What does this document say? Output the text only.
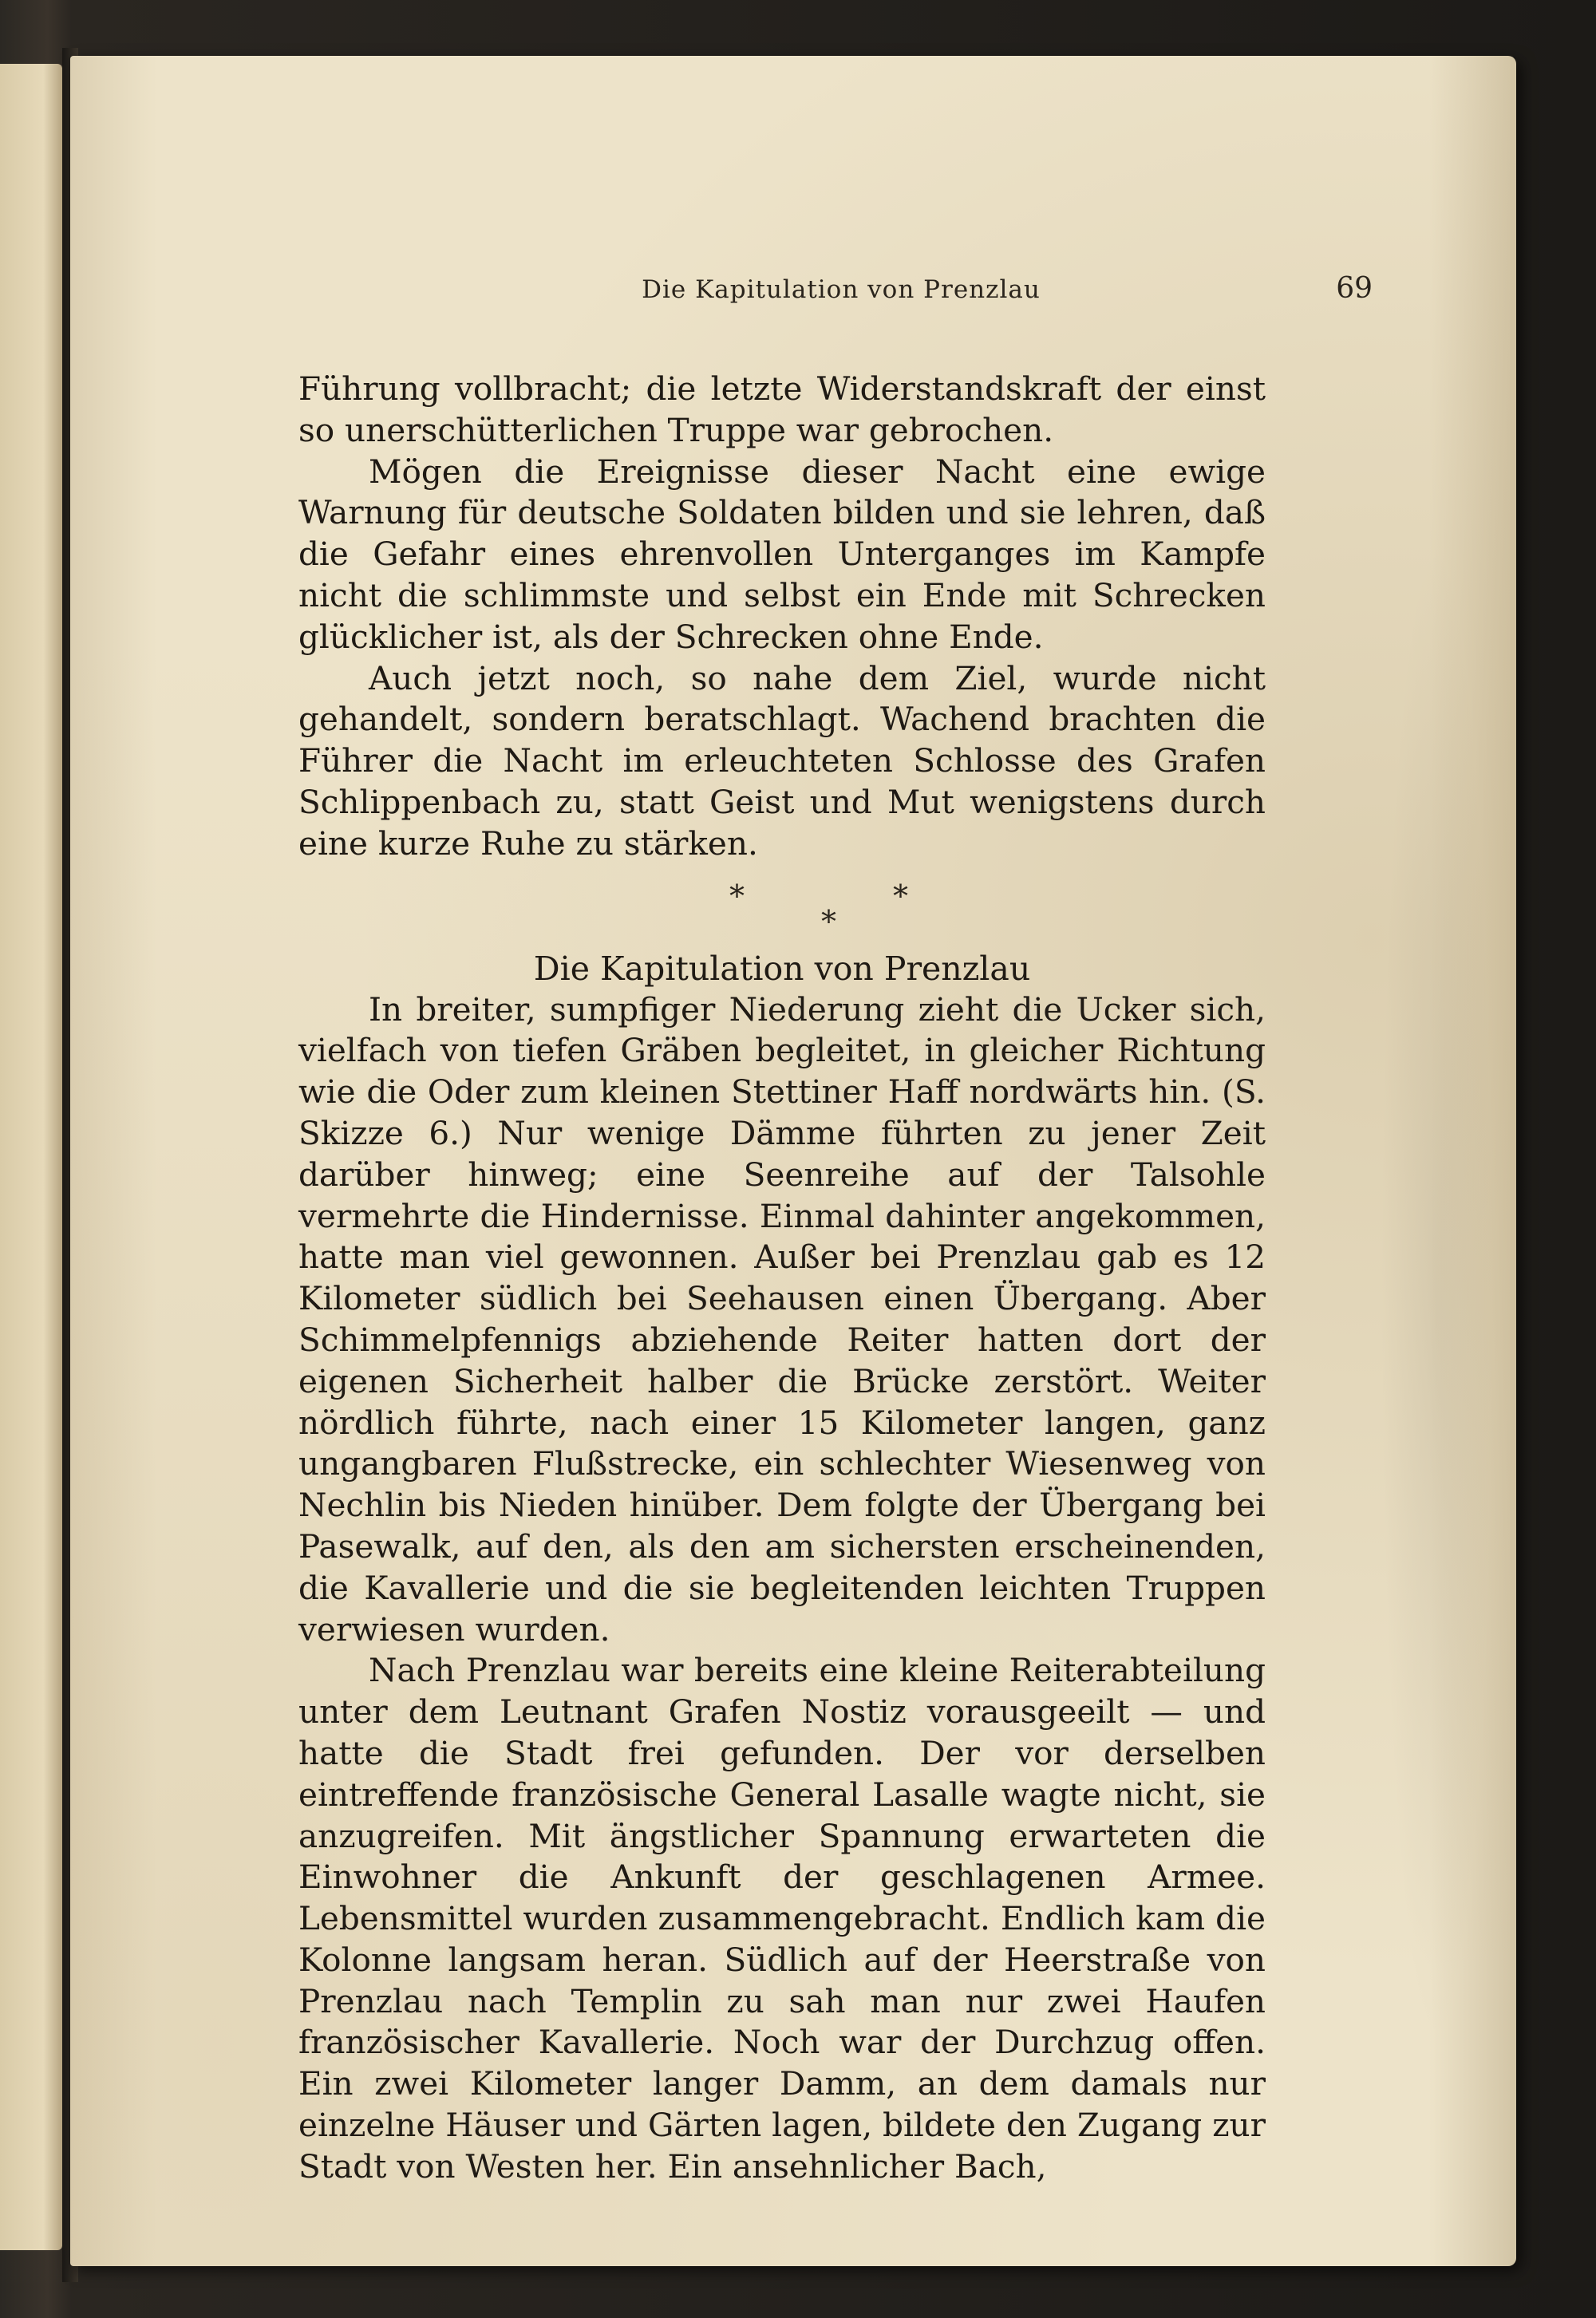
Die Kapitulation von Prenzlau	69

Führung vollbracht; die letzte Widerstandskraft der einst so unerschütterlichen Truppe war gebrochen.

Mögen die Ereignisse dieser Nacht eine ewige Warnung für deutsche Soldaten bilden und sie lehren, daß die Gefahr eines ehrenvollen Unterganges im Kampfe nicht die schlimmste und selbst ein Ende mit Schrecken glücklicher ist, als der Schrecken ohne Ende.

Auch jetzt noch, so nahe dem Ziel, wurde nicht gehandelt, sondern beratschlagt. Wachend brachten die Führer die Nacht im erleuchteten Schlosse des Grafen Schlippenbach zu, statt Geist und Mut wenigstens durch eine kurze Ruhe zu stärken.

*
*
*

Die Kapitulation von Prenzlau

In breiter, sumpfiger Niederung zieht die Ucker sich, vielfach von tiefen Gräben begleitet, in gleicher Richtung wie die Oder zum kleinen Stettiner Haff nordwärts hin. (S. Skizze 6.) Nur wenige Dämme führten zu jener Zeit darüber hinweg; eine Seenreihe auf der Talsohle vermehrte die Hindernisse. Einmal dahinter angekommen, hatte man viel gewonnen. Außer bei Prenzlau gab es 12 Kilometer südlich bei Seehausen einen Übergang. Aber Schimmelpfennigs abziehende Reiter hatten dort der eigenen Sicherheit halber die Brücke zerstört. Weiter nördlich führte, nach einer 15 Kilometer langen, ganz ungangbaren Flußstrecke, ein schlechter Wiesenweg von Nechlin bis Nieden hinüber. Dem folgte der Übergang bei Pasewalk, auf den, als den am sichersten erscheinenden, die Kavallerie und die sie begleitenden leichten Truppen verwiesen wurden.

Nach Prenzlau war bereits eine kleine Reiterabteilung unter dem Leutnant Grafen Nostiz vorausgeeilt — und hatte die Stadt frei gefunden. Der vor derselben eintreffende französische General Lasalle wagte nicht, sie anzugreifen. Mit ängstlicher Spannung erwarteten die Einwohner die Ankunft der geschlagenen Armee. Lebensmittel wurden zusammengebracht. Endlich kam die Kolonne langsam heran. Südlich auf der Heerstraße von Prenzlau nach Templin zu sah man nur zwei Haufen französischer Kavallerie. Noch war der Durchzug offen. Ein zwei Kilometer langer Damm, an dem damals nur einzelne Häuser und Gärten lagen, bildete den Zugang zur Stadt von Westen her. Ein ansehnlicher Bach,
